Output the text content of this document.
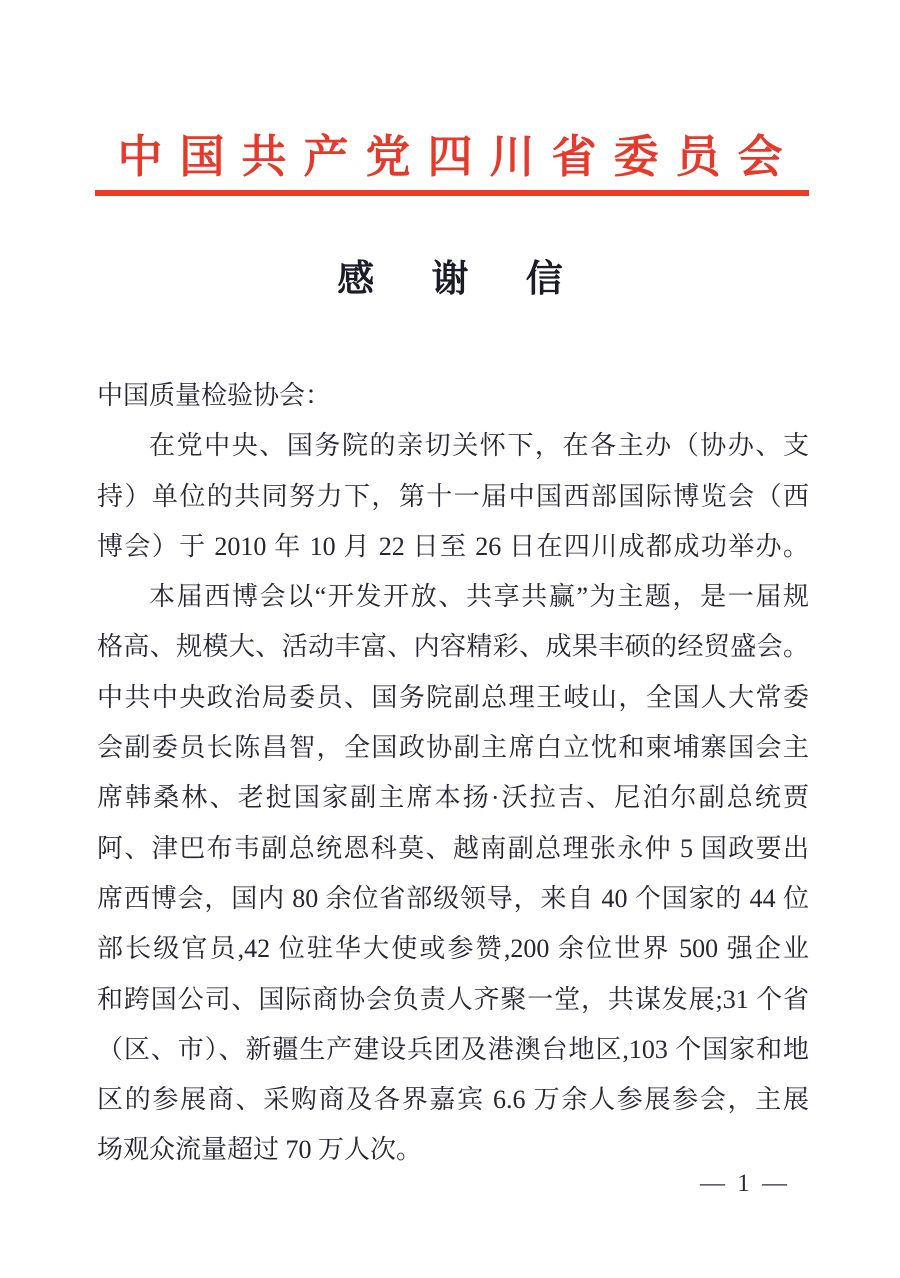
中国共产党四川省委员会
感 谢 信
中国质量检验协会：
在党中央、国务院的亲切关怀下，在各主办（协办、支
持）单位的共同努力下，第十一届中国西部国际博览会（西
博会）于 2010 年 10 月 22 日至 26 日在四川成都成功举办。
本届西博会以“开发开放、共享共赢”为主题，是一届规
格高、规模大、活动丰富、内容精彩、成果丰硕的经贸盛会。
中共中央政治局委员、国务院副总理王岐山，全国人大常委
会副委员长陈昌智，全国政协副主席白立忱和柬埔寨国会主
席韩桑林、老挝国家副主席本扬·沃拉吉、尼泊尔副总统贾
阿、津巴布韦副总统恩科莫、越南副总理张永仲 5 国政要出
席西博会，国内 80 余位省部级领导，来自 40 个国家的 44 位
部长级官员,42 位驻华大使或参赞,200 余位世界 500 强企业
和跨国公司、国际商协会负责人齐聚一堂，共谋发展;31 个省
（区、市）、新疆生产建设兵团及港澳台地区,103 个国家和地
区的参展商、采购商及各界嘉宾 6.6 万余人参展参会，主展
场观众流量超过 70 万人次。
— 1 —
